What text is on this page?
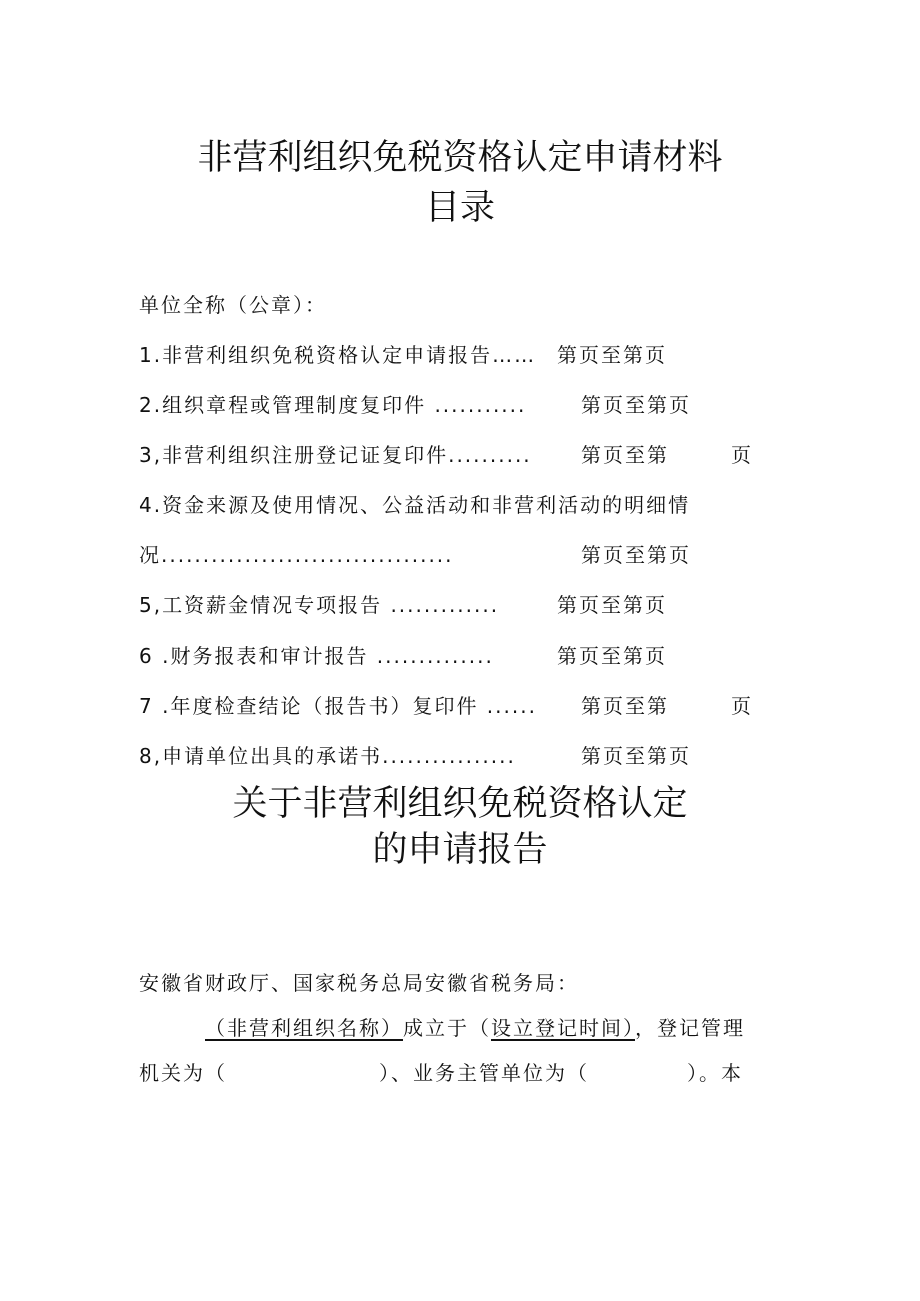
非营利组织免税资格认定申请材料
目录
单位全称（公章）：
1.非营利组织免税资格认定申请报告…… 第页至第页
2.组织章程或管理制度复印件 ...........	第页至第页
3,非营利组织注册登记证复印件.......... 第页至第	页
4.资金来源及使用情况、公益活动和非营利活动的明细情
况...................................	第页至第页
5,工资薪金情况专项报告 .............	第页至第页
6 .财务报表和审计报告 ..............	第页至第页
7 .年度检查结论（报告书）复印件 ...... 第页至第	页
8,申请单位出具的承诺书................	第页至第页
关于非营利组织免税资格认定
的申请报告
安徽省财政厅、国家税务总局安徽省税务局：
（非营利组织名称）成立于（设立登记时间），登记管理
机关为（	）、业务主管单位为（	）。本
